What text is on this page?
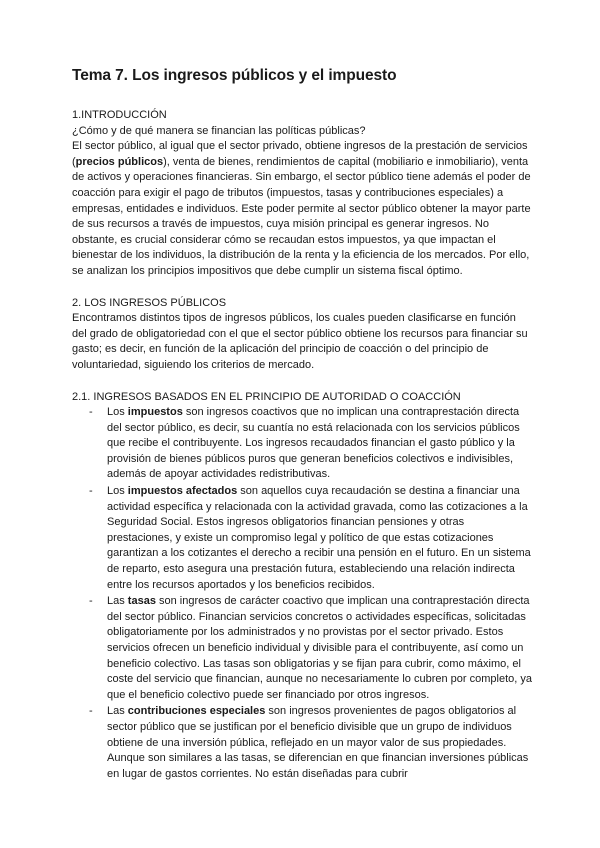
Tema 7. Los ingresos públicos y el impuesto

1.INTRODUCCIÓN

¿Cómo y de qué manera se financian las políticas públicas?

El sector público, al igual que el sector privado, obtiene ingresos de la prestación de servicios (precios públicos), venta de bienes, rendimientos de capital (mobiliario e inmobiliario), venta de activos y operaciones financieras. Sin embargo, el sector público tiene además el poder de coacción para exigir el pago de tributos (impuestos, tasas y contribuciones especiales) a empresas, entidades e individuos. Este poder permite al sector público obtener la mayor parte de sus recursos a través de impuestos, cuya misión principal es generar ingresos. No obstante, es crucial considerar cómo se recaudan estos impuestos, ya que impactan el bienestar de los individuos, la distribución de la renta y la eficiencia de los mercados. Por ello, se analizan los principios impositivos que debe cumplir un sistema fiscal óptimo.

2. LOS INGRESOS PÚBLICOS

Encontramos distintos tipos de ingresos públicos, los cuales pueden clasificarse en función del grado de obligatoriedad con el que el sector público obtiene los recursos para financiar su gasto; es decir, en función de la aplicación del principio de coacción o del principio de voluntariedad, siguiendo los criterios de mercado.

2.1. INGRESOS BASADOS EN EL PRINCIPIO DE AUTORIDAD O COACCIÓN

- Los impuestos son ingresos coactivos que no implican una contraprestación directa del sector público, es decir, su cuantía no está relacionada con los servicios públicos que recibe el contribuyente. Los ingresos recaudados financian el gasto público y la provisión de bienes públicos puros que generan beneficios colectivos e indivisibles, además de apoyar actividades redistributivas.
- Los impuestos afectados son aquellos cuya recaudación se destina a financiar una actividad específica y relacionada con la actividad gravada, como las cotizaciones a la Seguridad Social. Estos ingresos obligatorios financian pensiones y otras prestaciones, y existe un compromiso legal y político de que estas cotizaciones garantizan a los cotizantes el derecho a recibir una pensión en el futuro. En un sistema de reparto, esto asegura una prestación futura, estableciendo una relación indirecta entre los recursos aportados y los beneficios recibidos.
- Las tasas son ingresos de carácter coactivo que implican una contraprestación directa del sector público. Financian servicios concretos o actividades específicas, solicitadas obligatoriamente por los administrados y no provistas por el sector privado. Estos servicios ofrecen un beneficio individual y divisible para el contribuyente, así como un beneficio colectivo. Las tasas son obligatorias y se fijan para cubrir, como máximo, el coste del servicio que financian, aunque no necesariamente lo cubren por completo, ya que el beneficio colectivo puede ser financiado por otros ingresos.
- Las contribuciones especiales son ingresos provenientes de pagos obligatorios al sector público que se justifican por el beneficio divisible que un grupo de individuos obtiene de una inversión pública, reflejado en un mayor valor de sus propiedades. Aunque son similares a las tasas, se diferencian en que financian inversiones públicas en lugar de gastos corrientes. No están diseñadas para cubrir
